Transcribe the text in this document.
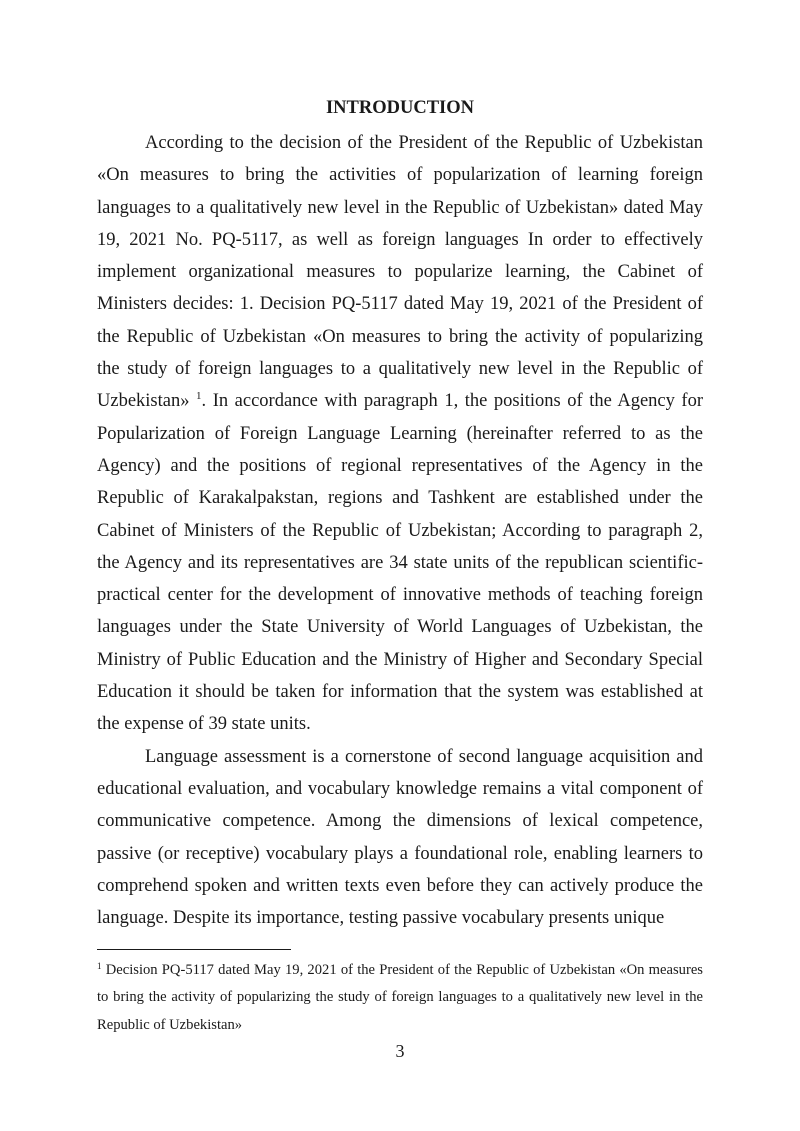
INTRODUCTION

According to the decision of the President of the Republic of Uzbekistan «On measures to bring the activities of popularization of learning foreign languages to a qualitatively new level in the Republic of Uzbekistan» dated May 19, 2021 No. PQ-5117, as well as foreign languages In order to effectively implement organizational measures to popularize learning, the Cabinet of Ministers decides: 1. Decision PQ-5117 dated May 19, 2021 of the President of the Republic of Uzbekistan «On measures to bring the activity of popularizing the study of foreign languages to a qualitatively new level in the Republic of Uzbekistan» $^1$. In accordance with paragraph 1, the positions of the Agency for Popularization of Foreign Language Learning (hereinafter referred to as the Agency) and the positions of regional representatives of the Agency in the Republic of Karakalpakstan, regions and Tashkent are established under the Cabinet of Ministers of the Republic of Uzbekistan; According to paragraph 2, the Agency and its representatives are 34 state units of the republican scientific-practical center for the development of innovative methods of teaching foreign languages under the State University of World Languages of Uzbekistan, the Ministry of Public Education and the Ministry of Higher and Secondary Special Education it should be taken for information that the system was established at the expense of 39 state units.

Language assessment is a cornerstone of second language acquisition and educational evaluation, and vocabulary knowledge remains a vital component of communicative competence. Among the dimensions of lexical competence, passive (or receptive) vocabulary plays a foundational role, enabling learners to comprehend spoken and written texts even before they can actively produce the language. Despite its importance, testing passive vocabulary presents unique

$^1$ Decision PQ-5117 dated May 19, 2021 of the President of the Republic of Uzbekistan «On measures to bring the activity of popularizing the study of foreign languages to a qualitatively new level in the Republic of Uzbekistan»

3
